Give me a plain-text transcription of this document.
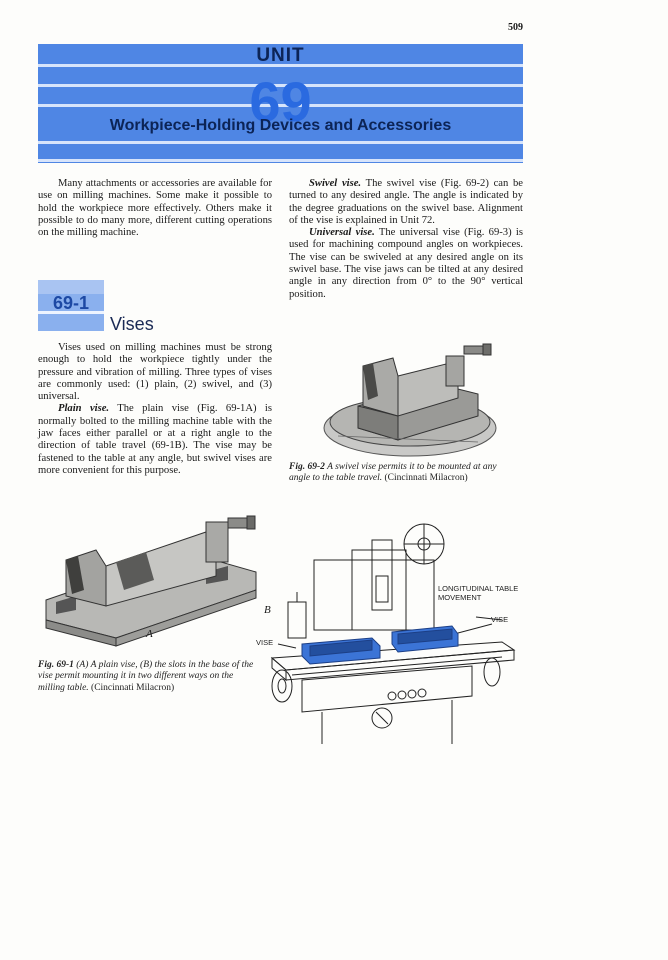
509
UNIT
69
Workpiece-Holding Devices and Accessories

Many attachments or accessories are available for use on milling machines. Some make it possible to hold the workpiece more effectively. Others make it possible to do many more, different cutting operations on the milling machine.

69-1
Vises

Vises used on milling machines must be strong enough to hold the workpiece tightly under the pressure and vibration of milling. Three types of vises are commonly used: (1) plain, (2) swivel, and (3) universal.

Plain vise. The plain vise (Fig. 69-1A) is normally bolted to the milling machine table with the jaw faces either parallel or at a right angle to the direction of table travel (69-1B). The vise may be fastened to the table at any angle, but swivel vises are more convenient for this purpose.

Swivel vise. The swivel vise (Fig. 69-2) can be turned to any desired angle. The angle is indicated by the degree graduations on the swivel base. Alignment of the vise is explained in Unit 72.

Universal vise. The universal vise (Fig. 69-3) is used for machining compound angles on workpieces. The vise can be swiveled at any desired angle on its swivel base. The vise jaws can be tilted at any desired angle in any direction from 0° to the 90° vertical position.

Fig. 69-2 A swivel vise permits it to be mounted at any angle to the table travel. (Cincinnati Milacron)
A
Fig. 69-1 (A) A plain vise, (B) the slots in the base of the vise permit mounting it in two different ways on the milling table. (Cincinnati Milacron)
B
LONGITUDINAL TABLE MOVEMENT
VISE
VISE
